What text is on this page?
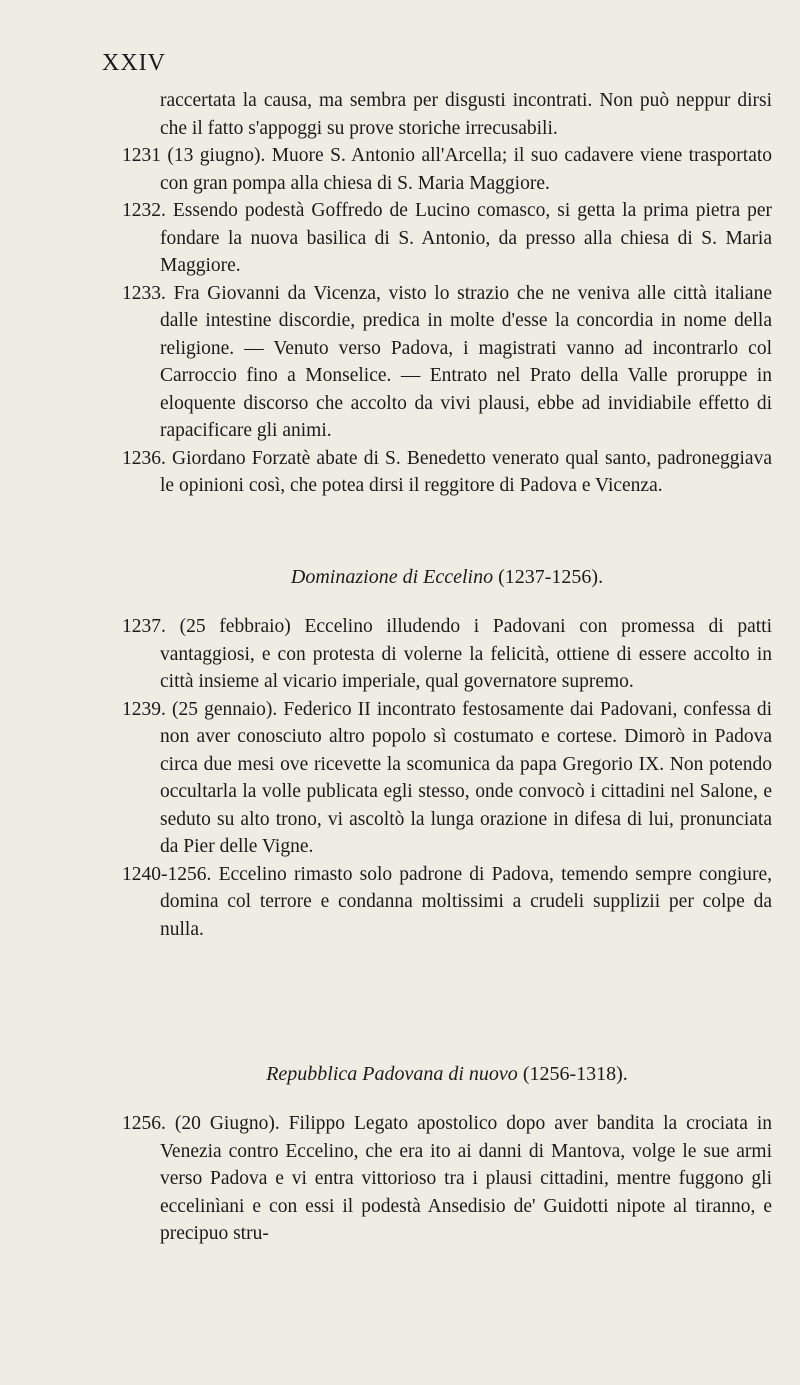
XXIV

raccertata la causa, ma sembra per disgusti incontrati. Non può neppur dirsi che il fatto s'appoggi su prove storiche irrecusabili.

1231 (13 giugno). Muore S. Antonio all'Arcella; il suo cadavere viene trasportato con gran pompa alla chiesa di S. Maria Maggiore.

1232. Essendo podestà Goffredo de Lucino comasco, si getta la prima pietra per fondare la nuova basilica di S. Antonio, da presso alla chiesa di S. Maria Maggiore.

1233. Fra Giovanni da Vicenza, visto lo strazio che ne veniva alle città italiane dalle intestine discordie, predica in molte d'esse la concordia in nome della religione. — Venuto verso Padova, i magistrati vanno ad incontrarlo col Carroccio fino a Monselice. — Entrato nel Prato della Valle proruppe in eloquente discorso che accolto da vivi plausi, ebbe ad invidiabile effetto di rapacificare gli animi.

1236. Giordano Forzatè abate di S. Benedetto venerato qual santo, padroneggiava le opinioni così, che potea dirsi il reggitore di Padova e Vicenza.

Dominazione di Eccelino (1237-1256).

1237. (25 febbraio) Eccelino illudendo i Padovani con promessa di patti vantaggiosi, e con protesta di volerne la felicità, ottiene di essere accolto in città insieme al vicario imperiale, qual governatore supremo.

1239. (25 gennaio). Federico II incontrato festosamente dai Padovani, confessa di non aver conosciuto altro popolo sì costumato e cortese. Dimorò in Padova circa due mesi ove ricevette la scomunica da papa Gregorio IX. Non potendo occultarla la volle publicata egli stesso, onde convocò i cittadini nel Salone, e seduto su alto trono, vi ascoltò la lunga orazione in difesa di lui, pronunciata da Pier delle Vigne.

1240-1256. Eccelino rimasto solo padrone di Padova, temendo sempre congiure, domina col terrore e condanna moltissimi a crudeli supplizii per colpe da nulla.

Repubblica Padovana di nuovo (1256-1318).

1256. (20 Giugno). Filippo Legato apostolico dopo aver bandita la crociata in Venezia contro Eccelino, che era ito ai danni di Mantova, volge le sue armi verso Padova e vi entra vittorioso tra i plausi cittadini, mentre fuggono gli eccelinìani e con essi il podestà Ansedisio de' Guidotti nipote al tiranno, e precipuo stru-
